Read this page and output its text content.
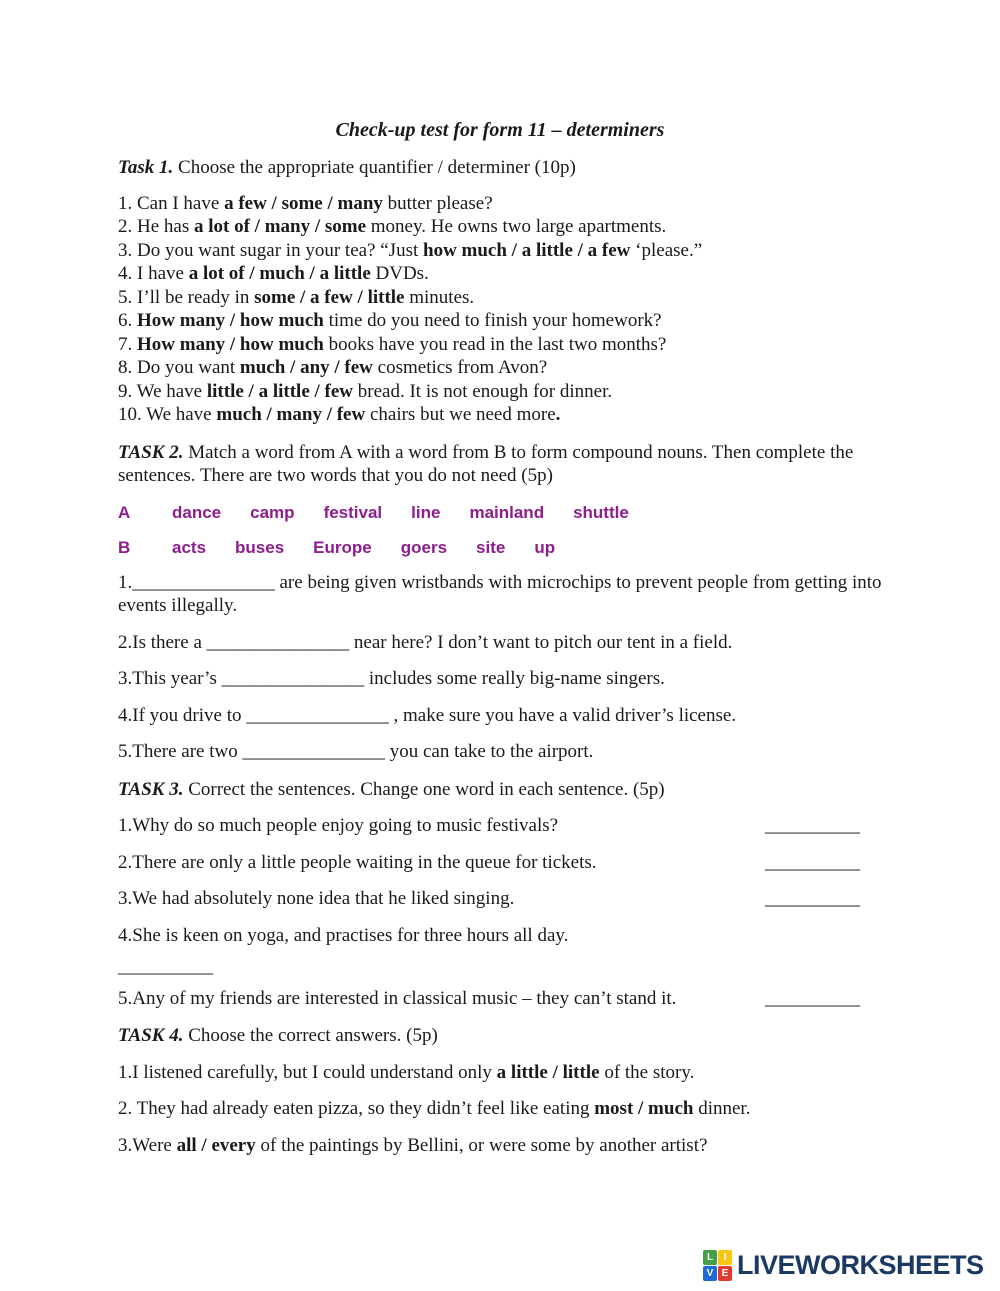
Check-up test for form 11 – determiners

Task 1. Choose the appropriate quantifier / determiner (10p)

1. Can I have a few / some / many butter please?
2. He has a lot of / many / some money. He owns two large apartments.
3. Do you want sugar in your tea? “Just how much / a little / a few ‘please.”
4. I have a lot of / much / a little DVDs.
5. I’ll be ready in some / a few / little minutes.
6. How many / how much time do you need to finish your homework?
7. How many / how much books have you read in the last two months?
8. Do you want much / any / few cosmetics from Avon?
9. We have little / a little / few bread. It is not enough for dinner.
10. We have much / many / few chairs but we need more.

TASK 2. Match a word from A with a word from B to form compound nouns. Then complete the sentences. There are two words that you do not need (5p)

A dance camp festival line mainland shuttle

B acts buses Europe goers site up

1._______________ are being given wristbands with microchips to prevent people from getting into events illegally.

2.Is there a _______________ near here? I don’t want to pitch our tent in a field.

3.This year’s _______________ includes some really big-name singers.

4.If you drive to _______________ , make sure you have a valid driver’s license.

5.There are two _______________ you can take to the airport.

TASK 3. Correct the sentences. Change one word in each sentence. (5p)

1.Why do so much people enjoy going to music festivals?	__________
2.There are only a little people waiting in the queue for tickets.	__________
3.We had absolutely none idea that he liked singing.	__________
4.She is keen on yoga, and practises for three hours all day.

__________

5.Any of my friends are interested in classical music – they can’t stand it.	__________

TASK 4. Choose the correct answers. (5p)

1.I listened carefully, but I could understand only a little / little of the story.

2. They had already eaten pizza, so they didn’t feel like eating most / much dinner.

3.Were all / every of the paintings by Bellini, or were some by another artist?

L	I
V E LIVEWORKSHEETS
